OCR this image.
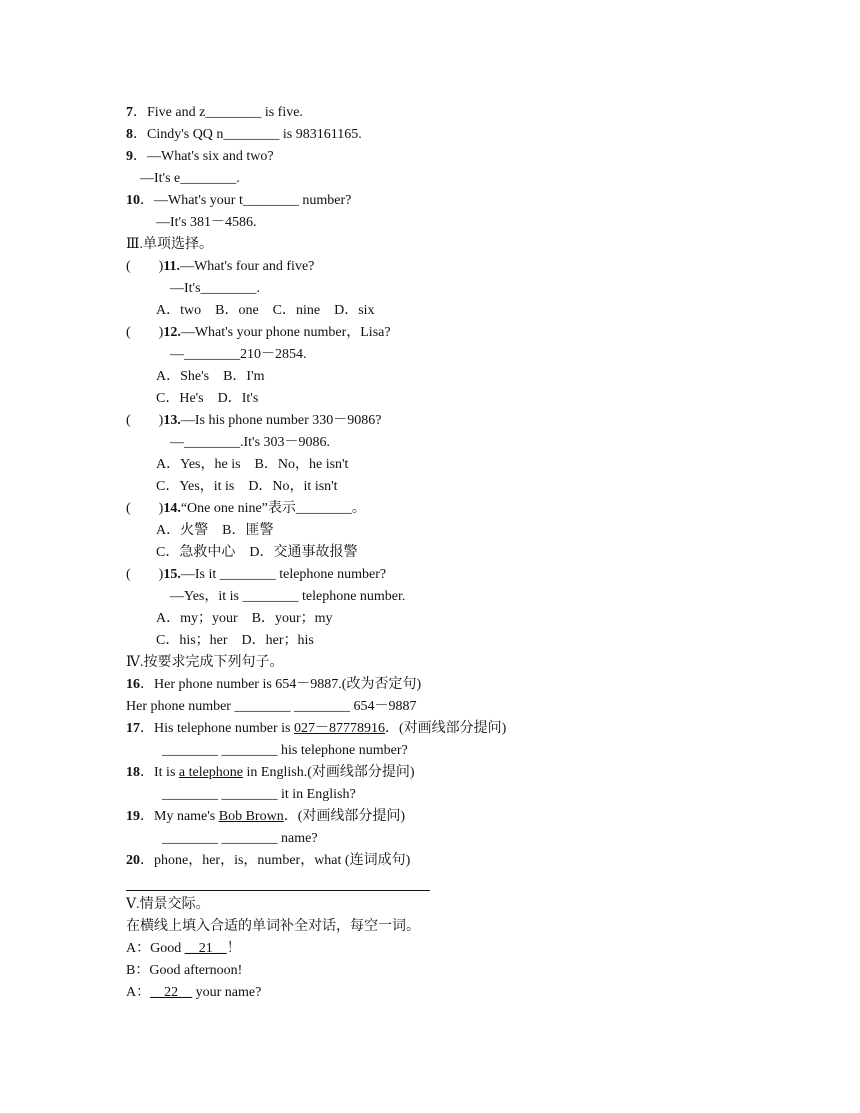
7．Five and z________ is five.
8．Cindy's QQ n________ is 983161165.
9．—What's six and two?
—It's e________.
10．—What's your t________ number?
—It's 381－4586.
Ⅲ.单项选择。
(　　)11.—What's four and five?
—It's________.
A．two　B．one　C．nine　D．six
(　　)12.—What's your phone number，Lisa?
—________210－2854.
A．She's　B．I'm
C．He's　D．It's
(　　)13.—Is his phone number 330－9086?
—________.It's 303－9086.
A．Yes，he is　B．No，he isn't
C．Yes，it is　D．No，it isn't
(　　)14.“One one nine”表示________。
A．火警　B．匪警
C．急救中心　D．交通事故报警
(　　)15.—Is it ________ telephone number?
—Yes，it is ________ telephone number.
A．my；your　B．your；my
C．his；her　D．her；his
Ⅳ.按要求完成下列句子。
16．Her phone number is 654－9887.(改为否定句)
Her phone number ________ ________ 654－9887
17．His telephone number is 027－87778916．(对画线部分提问)
________ ________ his telephone number?
18．It is a telephone in English.(对画线部分提问)
________ ________ it in English?
19．My name's Bob Brown．(对画线部分提问)
________ ________ name?
20．phone，her，is，number，what (连词成句)
Ⅴ.情景交际。
在横线上填入合适的单词补全对话，每空一词。
A：Good __21__！
B：Good afternoon!
A：__22__ your name?
